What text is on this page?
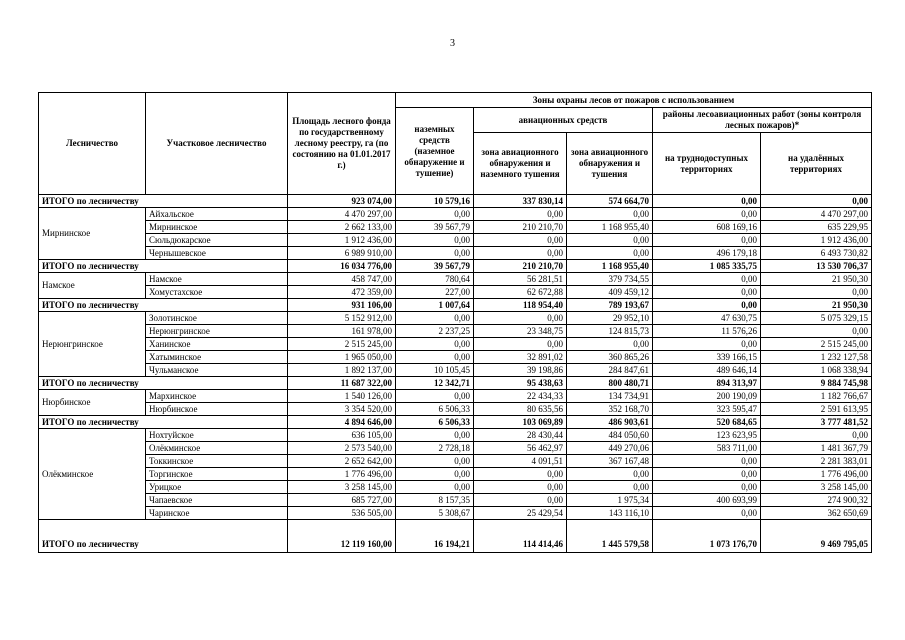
3
Лесничество	Участковое лесничество	Площадь лесного фонда по государственному лесному реестру, га (по состоянию на 01.01.2017 г.)	Зоны охраны лесов от пожаров с использованием				
			наземных средств (наземное обнаружение и тушение)	авиационных средств		районы лесоавиационных работ (зоны контроля лесных пожаров)*	
				зона авиационного обнаружения и наземного тушения	зона авиационного обнаружения и тушения	на труднодоступных территориях	на удалённых территориях
ИТОГО по лесничеству		923 074,00	10 579,16	337 830,14	574 664,70	0,00	0,00
Мирнинское	Айхальское	4 470 297,00	0,00	0,00	0,00	0,00	4 470 297,00
	Мирнинское	2 662 133,00	39 567,79	210 210,70	1 168 955,40	608 169,16	635 229,95
	Сюльдюкарское	1 912 436,00	0,00	0,00	0,00	0,00	1 912 436,00
	Чернышевское	6 989 910,00	0,00	0,00	0,00	496 179,18	6 493 730,82
ИТОГО по лесничеству		16 034 776,00	39 567,79	210 210,70	1 168 955,40	1 085 335,75	13 530 706,37
Намское	Намское	458 747,00	780,64	56 281,51	379 734,55	0,00	21 950,30
	Хомустахское	472 359,00	227,00	62 672,88	409 459,12	0,00	0,00
ИТОГО по лесничеству		931 106,00	1 007,64	118 954,40	789 193,67	0,00	21 950,30
Нерюнгринское	Золотинское	5 152 912,00	0,00	0,00	29 952,10	47 630,75	5 075 329,15
	Нерюнгринское	161 978,00	2 237,25	23 348,75	124 815,73	11 576,26	0,00
	Ханинское	2 515 245,00	0,00	0,00	0,00	0,00	2 515 245,00
	Хатыминское	1 965 050,00	0,00	32 891,02	360 865,26	339 166,15	1 232 127,58
	Чульманское	1 892 137,00	10 105,45	39 198,86	284 847,61	489 646,14	1 068 338,94
ИТОГО по лесничеству		11 687 322,00	12 342,71	95 438,63	800 480,71	894 313,97	9 884 745,98
Нюрбинское	Мархинское	1 540 126,00	0,00	22 434,33	134 734,91	200 190,09	1 182 766,67
	Нюрбинское	3 354 520,00	6 506,33	80 635,56	352 168,70	323 595,47	2 591 613,95
ИТОГО по лесничеству		4 894 646,00	6 506,33	103 069,89	486 903,61	520 684,65	3 777 481,52
Олёкминское	Нохтуйское	636 105,00	0,00	28 430,44	484 050,60	123 623,95	0,00
	Олёкминское	2 573 540,00	2 728,18	56 462,97	449 270,06	583 711,00	1 481 367,79
	Токкинское	2 652 642,00	0,00	4 091,51	367 167,48	0,00	2 281 383,01
	Торгинское	1 776 496,00	0,00	0,00	0,00	0,00	1 776 496,00
	Урицкое	3 258 145,00	0,00	0,00	0,00	0,00	3 258 145,00
	Чапаевское	685 727,00	8 157,35	0,00	1 975,34	400 693,99	274 900,32
	Чаринское	536 505,00	5 308,67	25 429,54	143 116,10	0,00	362 650,69
ИТОГО по лесничеству		12 119 160,00	16 194,21	114 414,46	1 445 579,58	1 073 176,70	9 469 795,05
